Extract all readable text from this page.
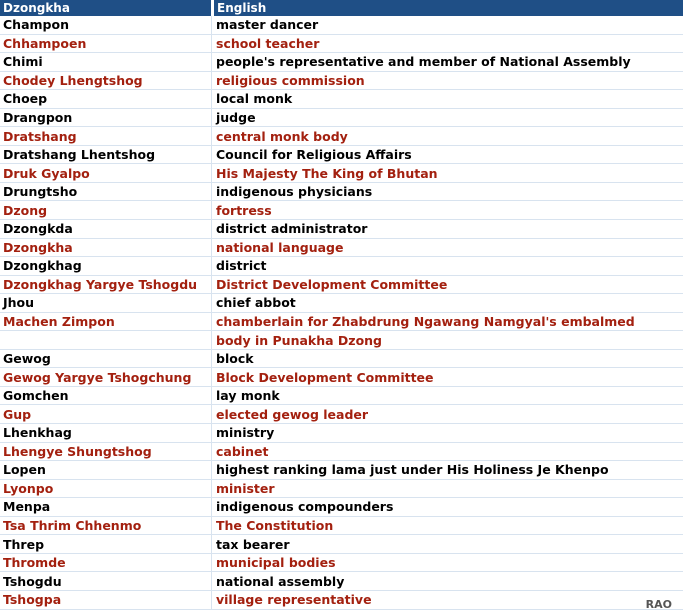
Dzongkha	English
Champon	master dancer
Chhampoen	school teacher
Chimi	people's representative and member of National Assembly
Chodey Lhengtshog	religious commission
Choep	local monk
Drangpon	judge
Dratshang	central monk body
Dratshang Lhentshog	Council for Religious Affairs
Druk Gyalpo	His Majesty The King of Bhutan
Drungtsho	indigenous physicians
Dzong	fortress
Dzongkda	district administrator
Dzongkha	national language
Dzongkhag	district
Dzongkhag Yargye Tshogdu	District Development Committee
Jhou	chief abbot
Machen Zimpon	chamberlain for Zhabdrung Ngawang Namgyal's embalmed
	body in Punakha Dzong
Gewog	block
Gewog Yargye Tshogchung	Block Development Committee
Gomchen	lay monk
Gup	elected gewog leader
Lhenkhag	ministry
Lhengye Shungtshog	cabinet
Lopen	highest ranking lama just under His Holiness Je Khenpo
Lyonpo	minister
Menpa	indigenous compounders
Tsa Thrim Chhenmo	The Constitution
Threp	tax bearer
Thromde	municipal bodies
Tshogdu	national assembly
Tshogpa	village representative	RAO
